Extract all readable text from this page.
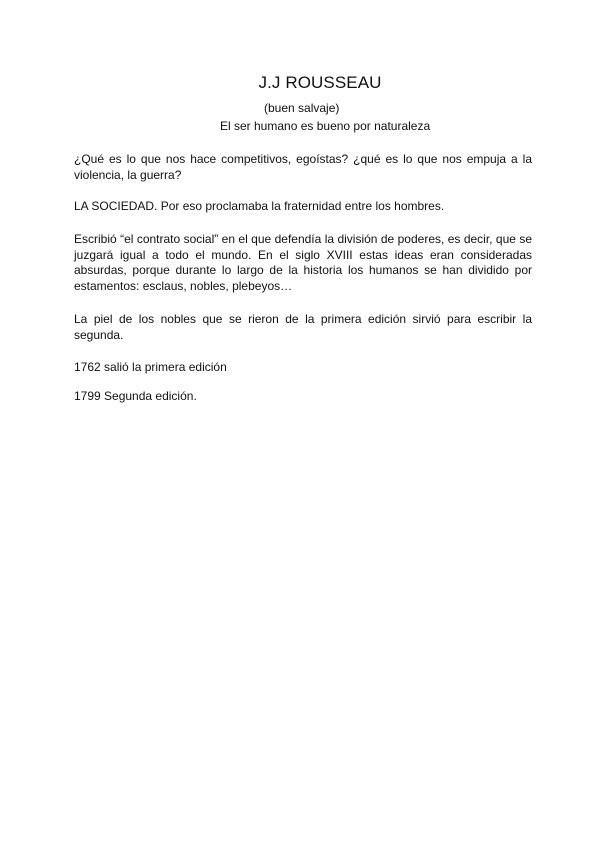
J.J ROUSSEAU

(buen salvaje)

El ser humano es bueno por naturaleza

¿Qué es lo que nos hace competitivos, egoístas? ¿qué es lo que nos empuja a la violencia, la guerra?

LA SOCIEDAD. Por eso proclamaba la fraternidad entre los hombres.

Escribió “el contrato social” en el que defendía la división de poderes, es decir, que se juzgará igual a todo el mundo. En el siglo XVIII estas ideas eran consideradas absurdas, porque durante lo largo de la historia los humanos se han dividido por estamentos: esclaus, nobles, plebeyos…

La piel de los nobles que se rieron de la primera edición sirvió para escribir la segunda.

1762 salió la primera edición

1799 Segunda edición.
